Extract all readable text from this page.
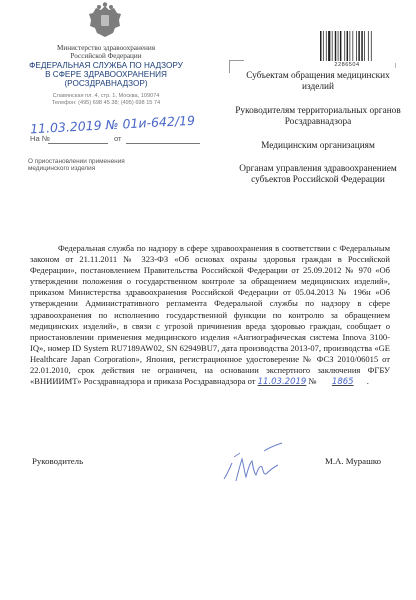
Министерство здравоохранения
Российской Федерации
ФЕДЕРАЛЬНАЯ СЛУЖБА ПО НАДЗОРУ
В СФЕРЕ ЗДРАВООХРАНЕНИЯ
(РОСЗДРАВНАДЗОР)
Славянская пл. 4, стр. 1, Москва, 109074
Телефон: (495) 698 45 38; (495) 698 15 74
11.03.2019 № 01и-642/19
На №	от
О приостановлении применения
медицинского изделия
2286504
Субъектам обращения медицинских изделий
Руководителям территориальных органов Росздравнадзора
Медицинским организациям
Органам управления здравоохранением субъектов Российской Федерации
Федеральная служба по надзору в сфере здравоохранения в соответствии с Федеральным законом от 21.11.2011 № 323-ФЗ «Об основах охраны здоровья граждан в Российской Федерации», постановлением Правительства Российской Федерации от 25.09.2012 № 970 «Об утверждении положения о государственном контроле за обращением медицинских изделий», приказом Министерства здравоохранения Российской Федерации от 05.04.2013 № 196н «Об утверждении Административного регламента Федеральной службы по надзору в сфере здравоохранения по исполнению государственной функции по контролю за обращением медицинских изделий», в связи с угрозой причинения вреда здоровью граждан, сообщает о приостановлении применения медицинского изделия «Ангиографическая система Innova 3100-IQ», номер ID System RU7189AW02, SN 62949BU7, дата производства 2013-07, производства «GE Healthcare Japan Corporation», Япония, регистрационное удостоверение № ФСЗ 2010/06015 от 22.01.2010, срок действия не ограничен, на основании экспертного заключения ФГБУ «ВНИИИМТ» Росздравнадзора и приказа Росздравнадзора от 11.03.2019 № 1865 .
Руководитель	М.А. Мурашко
